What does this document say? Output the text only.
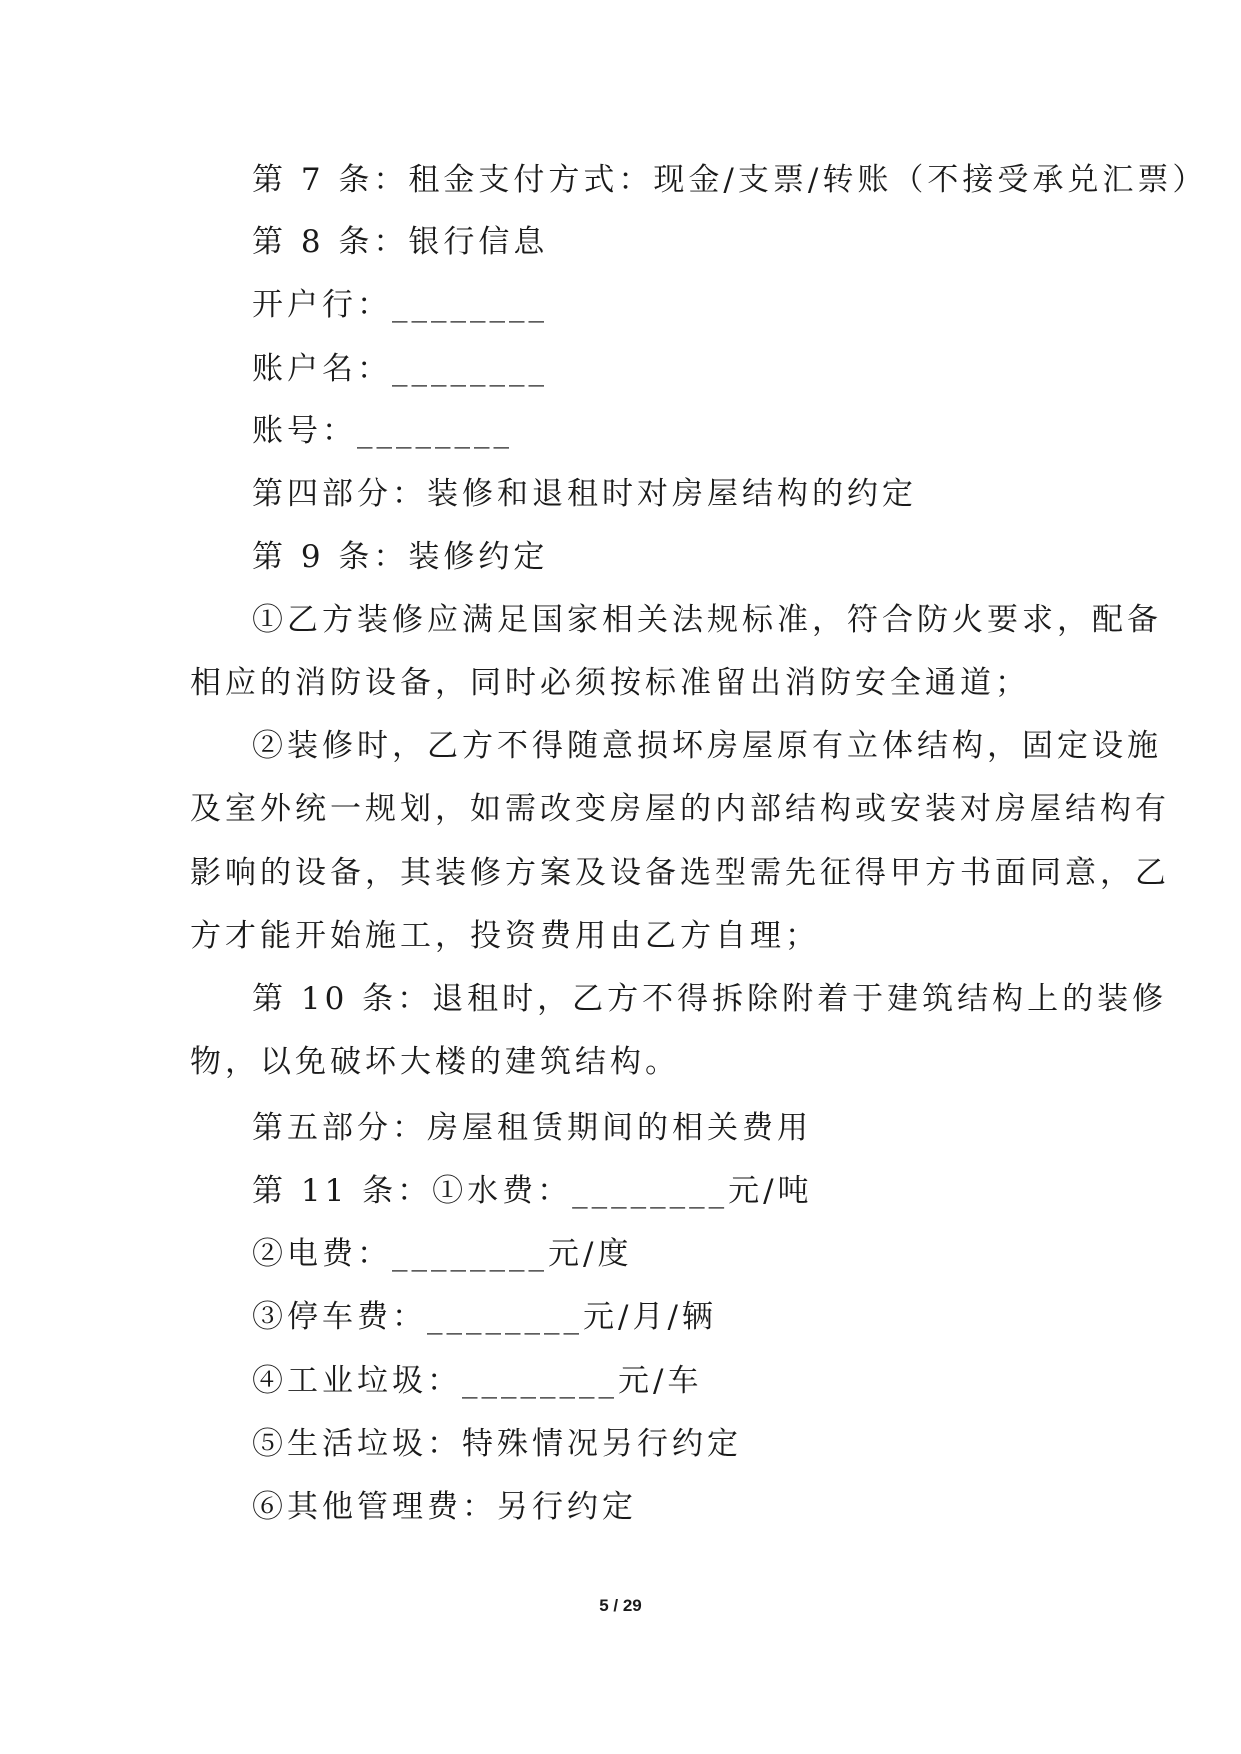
第 7 条：租金支付方式：现金/支票/转账（不接受承兑汇票）
第 8 条：银行信息
开户行：________
账户名：________
账号：________
第四部分：装修和退租时对房屋结构的约定
第 9 条：装修约定
①乙方装修应满足国家相关法规标准，符合防火要求，配备
相应的消防设备，同时必须按标准留出消防安全通道；
②装修时，乙方不得随意损坏房屋原有立体结构，固定设施
及室外统一规划，如需改变房屋的内部结构或安装对房屋结构有
影响的设备，其装修方案及设备选型需先征得甲方书面同意，乙
方才能开始施工，投资费用由乙方自理；
第 10 条：退租时，乙方不得拆除附着于建筑结构上的装修
物，以免破坏大楼的建筑结构。
第五部分：房屋租赁期间的相关费用
第 11 条：①水费：________元/吨
②电费：________元/度
③停车费：________元/月/辆
④工业垃圾：________元/车
⑤生活垃圾：特殊情况另行约定
⑥其他管理费：另行约定
5 / 29
